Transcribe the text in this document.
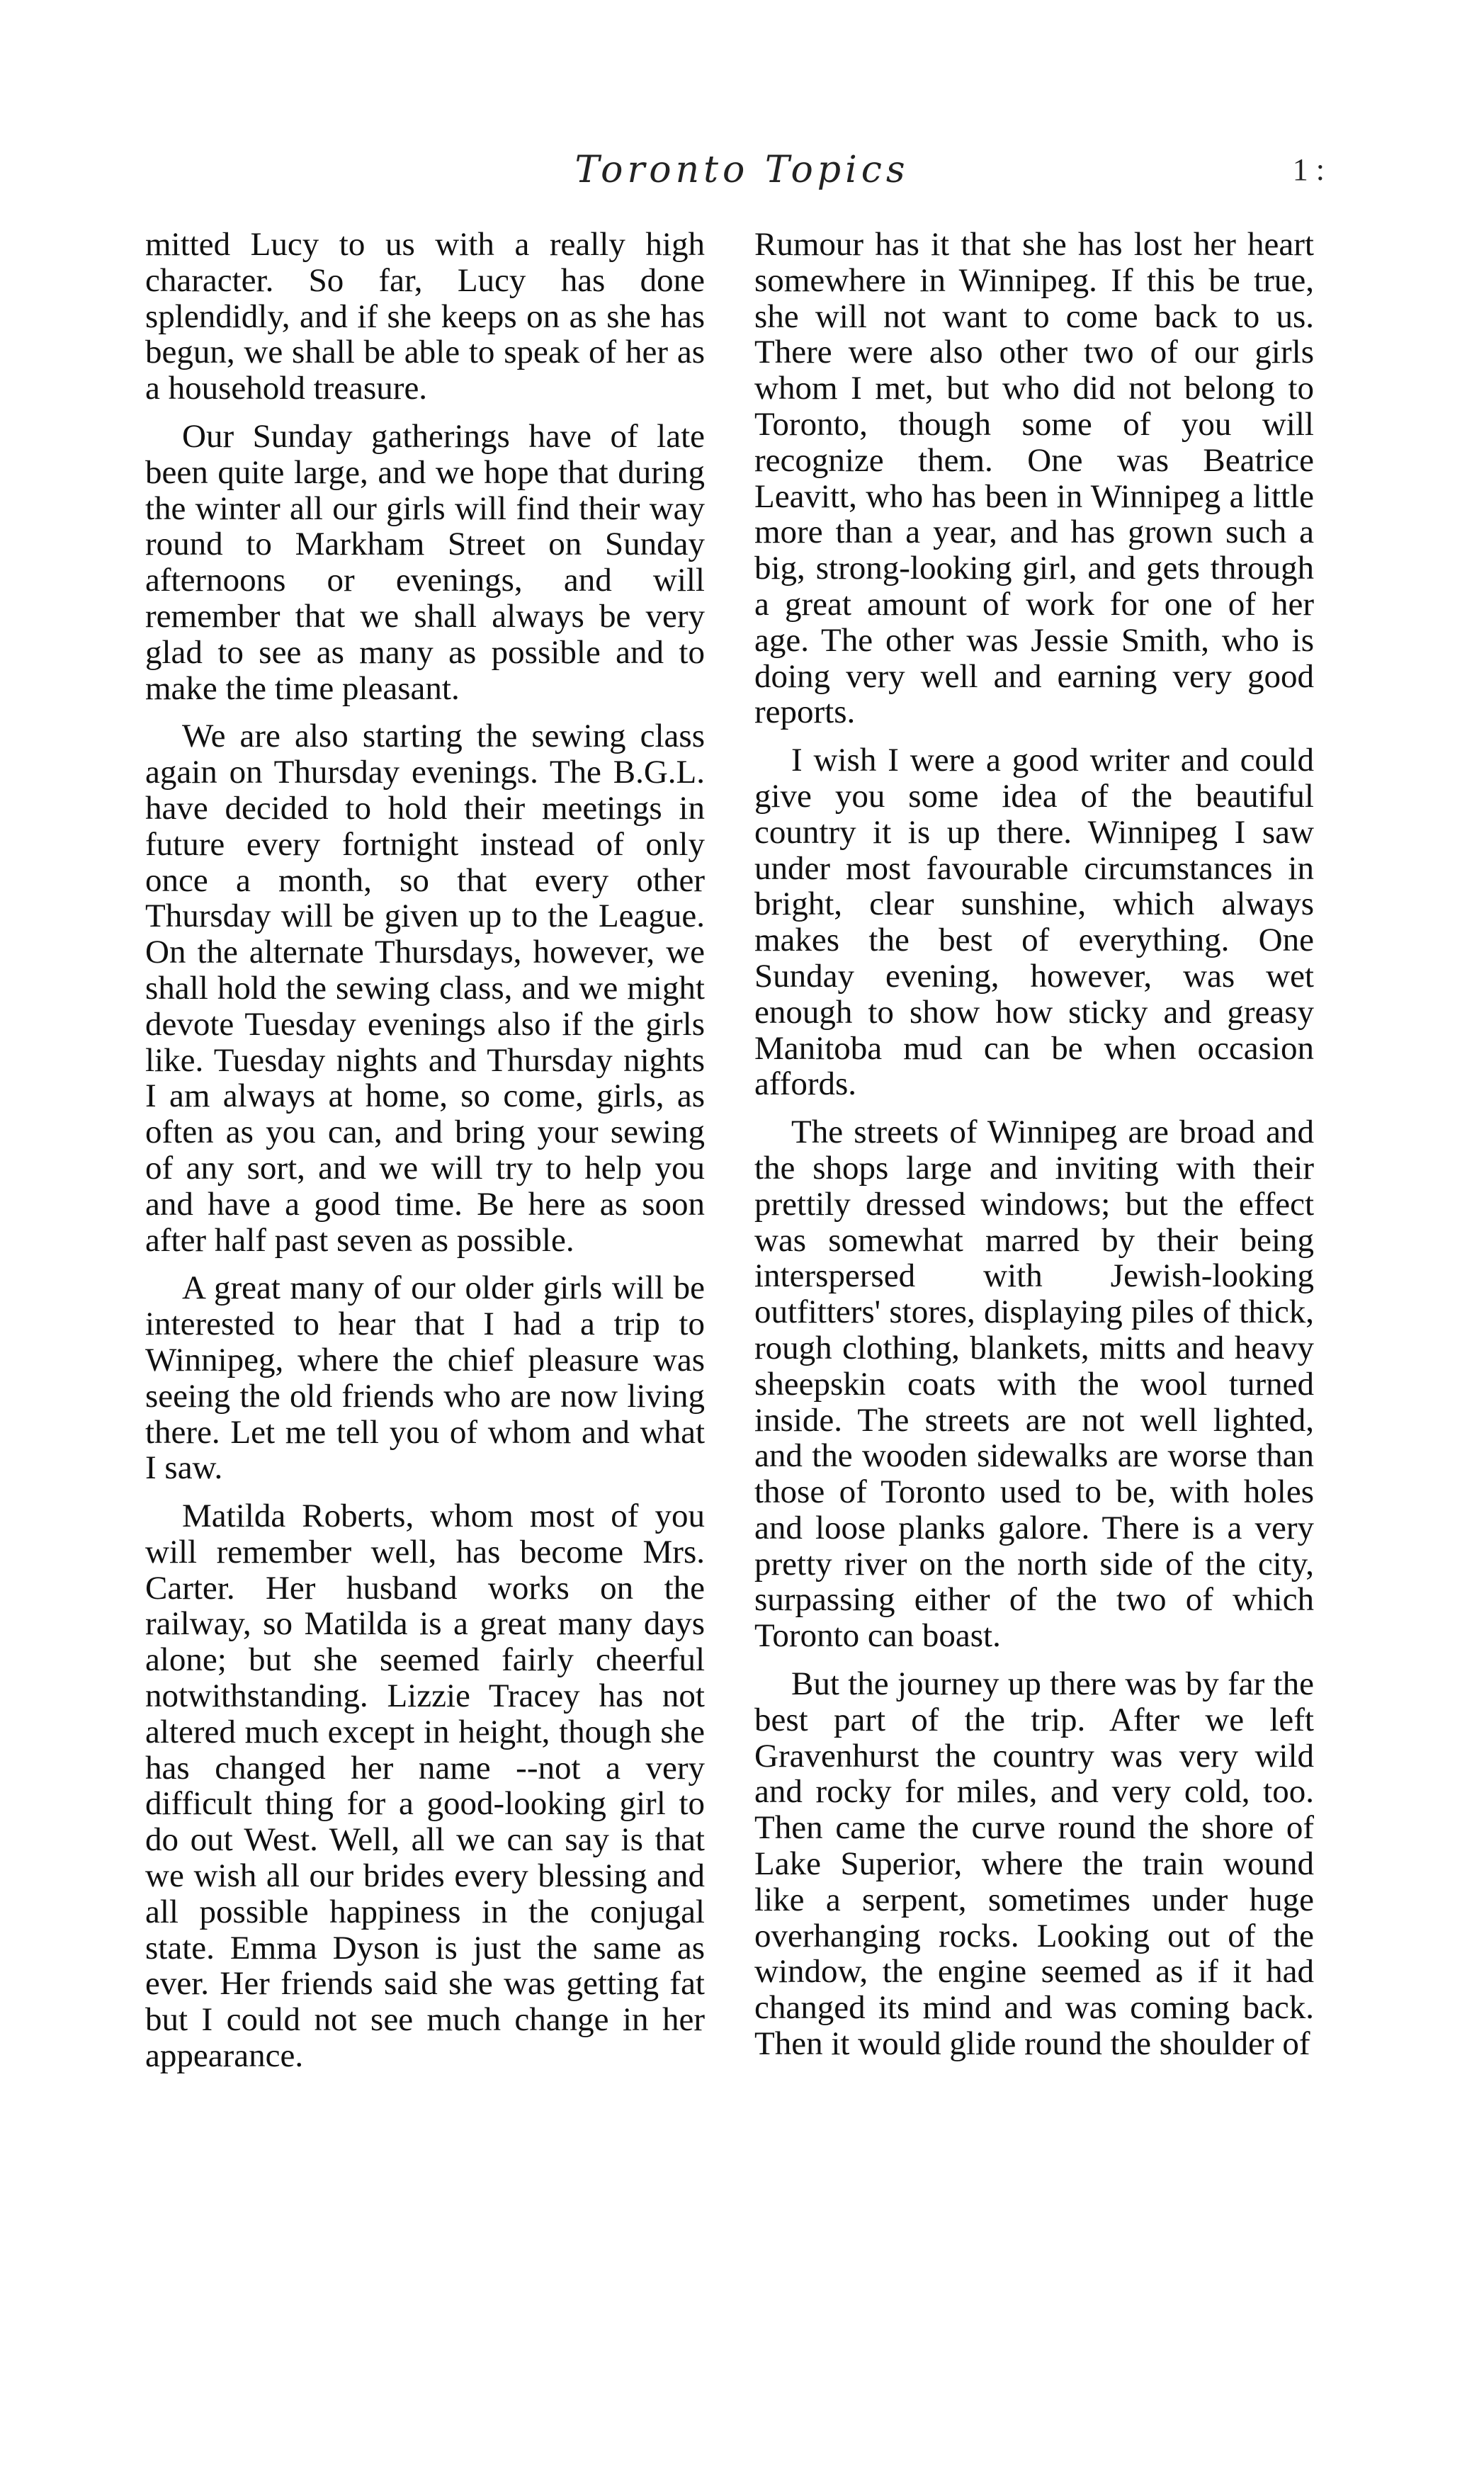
Toronto Topics	1 :

mitted Lucy to us with a really high character. So far, Lucy has done splendidly, and if she keeps on as she has begun, we shall be able to speak of her as a household treasure.

Our Sunday gatherings have of late been quite large, and we hope that during the winter all our girls will find their way round to Markham Street on Sunday afternoons or evenings, and will remember that we shall always be very glad to see as many as possible and to make the time pleasant.

We are also starting the sewing class again on Thursday evenings. The B.G.L. have decided to hold their meetings in future every fortnight instead of only once a month, so that every other Thursday will be given up to the League. On the alternate Thursdays, however, we shall hold the sewing class, and we might devote Tuesday evenings also if the girls like. Tuesday nights and Thursday nights I am always at home, so come, girls, as often as you can, and bring your sewing of any sort, and we will try to help you and have a good time. Be here as soon after half past seven as possible.

A great many of our older girls will be interested to hear that I had a trip to Winnipeg, where the chief pleasure was seeing the old friends who are now living there. Let me tell you of whom and what I saw.

Matilda Roberts, whom most of you will remember well, has become Mrs. Carter. Her husband works on the railway, so Matilda is a great many days alone; but she seemed fairly cheerful notwithstanding. Lizzie Tracey has not altered much except in height, though she has changed her name --not a very difficult thing for a good-looking girl to do out West. Well, all we can say is that we wish all our brides every blessing and all possible happiness in the conjugal state. Emma Dyson is just the same as ever. Her friends said she was getting fat but I could not see much change in her appearance.

Rumour has it that she has lost her heart somewhere in Winnipeg. If this be true, she will not want to come back to us. There were also other two of our girls whom I met, but who did not belong to Toronto, though some of you will recognize them. One was Beatrice Leavitt, who has been in Winnipeg a little more than a year, and has grown such a big, strong-looking girl, and gets through a great amount of work for one of her age. The other was Jessie Smith, who is doing very well and earning very good reports.

I wish I were a good writer and could give you some idea of the beautiful country it is up there. Winnipeg I saw under most favourable circumstances in bright, clear sunshine, which always makes the best of everything. One Sunday evening, however, was wet enough to show how sticky and greasy Manitoba mud can be when occasion affords.

The streets of Winnipeg are broad and the shops large and inviting with their prettily dressed windows; but the effect was somewhat marred by their being interspersed with Jewish-looking outfitters' stores, displaying piles of thick, rough clothing, blankets, mitts and heavy sheepskin coats with the wool turned inside. The streets are not well lighted, and the wooden sidewalks are worse than those of Toronto used to be, with holes and loose planks galore. There is a very pretty river on the north side of the city, surpassing either of the two of which Toronto can boast.

But the journey up there was by far the best part of the trip. After we left Gravenhurst the country was very wild and rocky for miles, and very cold, too. Then came the curve round the shore of Lake Superior, where the train wound like a serpent, sometimes under huge overhanging rocks. Looking out of the window, the engine seemed as if it had changed its mind and was coming back. Then it would glide round the shoulder of
